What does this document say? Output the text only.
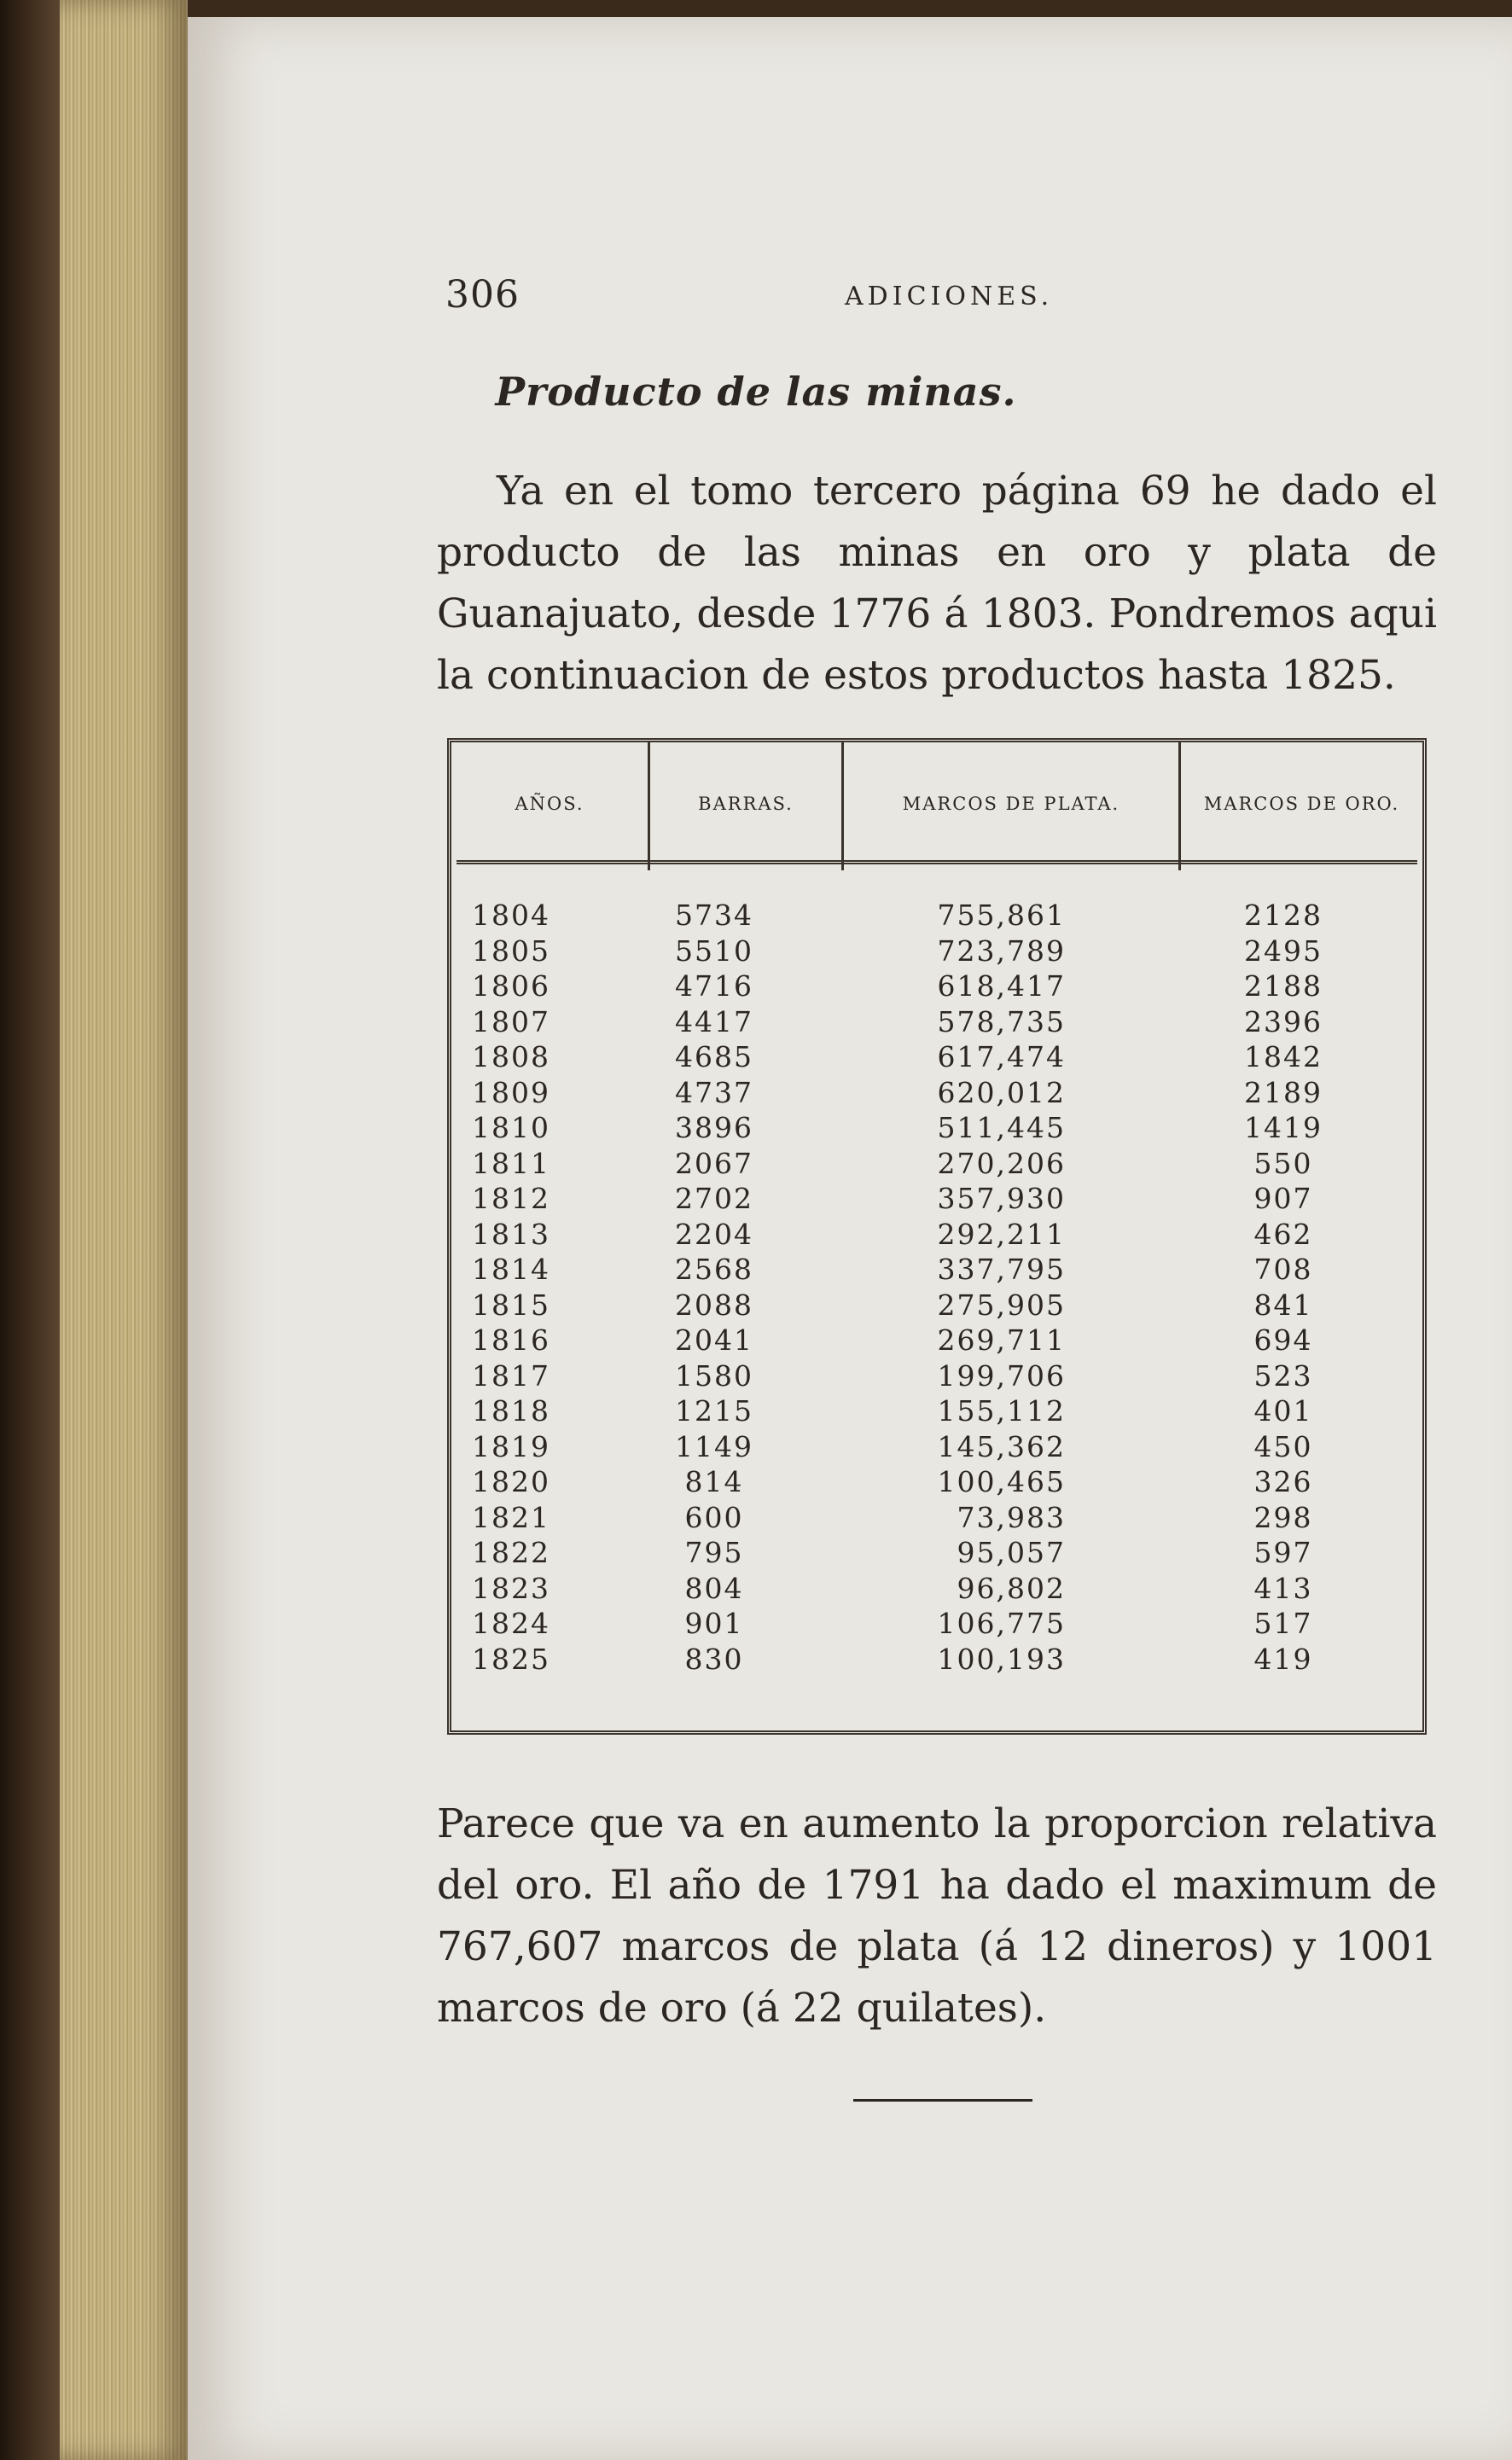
306	ADICIONES.
Producto de las minas.

Ya en el tomo tercero página 69 he dado el producto de las minas en oro y plata de Guanajuato, desde 1776 á 1803. Pondremos aqui la continuacion de estos productos hasta 1825.

AÑOS.	BARRAS.	MARCOS DE PLATA.	MARCOS DE ORO.
1804	5734	755,861	2128
1805	5510	723,789	2495
1806	4716	618,417	2188
1807	4417	578,735	2396
1808	4685	617,474	1842
1809	4737	620,012	2189
1810	3896	511,445	1419
1811	2067	270,206	550
1812	2702	357,930	907
1813	2204	292,211	462
1814	2568	337,795	708
1815	2088	275,905	841
1816	2041	269,711	694
1817	1580	199,706	523
1818	1215	155,112	401
1819	1149	145,362	450
1820	814	100,465	326
1821	600	73,983	298
1822	795	95,057	597
1823	804	96,802	413
1824	901	106,775	517
1825	830	100,193	419

Parece que va en aumento la proporcion relativa del oro. El año de 1791 ha dado el maximum de 767,607 marcos de plata (á 12 dineros) y 1001 marcos de oro (á 22 quilates).
